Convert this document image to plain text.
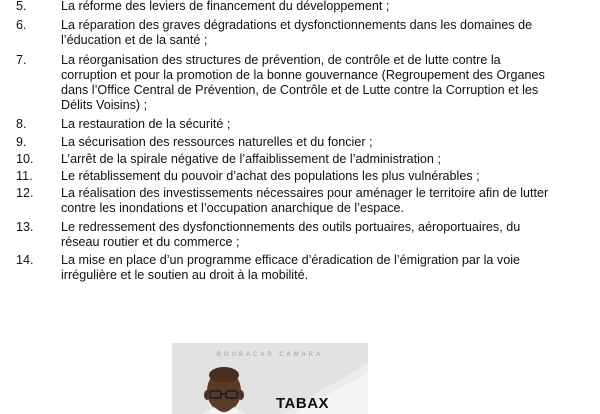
5.	La réforme des leviers de financement du développement ;
6.	La réparation des graves dégradations et dysfonctionnements dans les domaines de
l’éducation et de la santé ;
7.	La réorganisation des structures de prévention, de contrôle et de lutte contre la
corruption et pour la promotion de la bonne gouvernance (Regroupement des Organes
dans l’Office Central de Prévention, de Contrôle et de Lutte contre la Corruption et les
Délits Voisins) ;
8.	La restauration de la sécurité ;
9.	La sécurisation des ressources naturelles et du foncier ;
10.	L’arrêt de la spirale négative de l’affaiblissement de l’administration ;
11.	Le rétablissement du pouvoir d’achat des populations les plus vulnérables ;
12.	La réalisation des investissements nécessaires pour aménager le territoire afin de lutter
contre les inondations et l’occupation anarchique de l’espace.
13.	Le redressement des dysfonctionnements des outils portuaires, aéroportuaires, du
réseau routier et du commerce ;
14.	La mise en place d’un programme efficace d’éradication de l’émigration par la voie
irrégulière et le soutien au droit à la mobilité.
BOUBACAR CAMARA
TABAX
